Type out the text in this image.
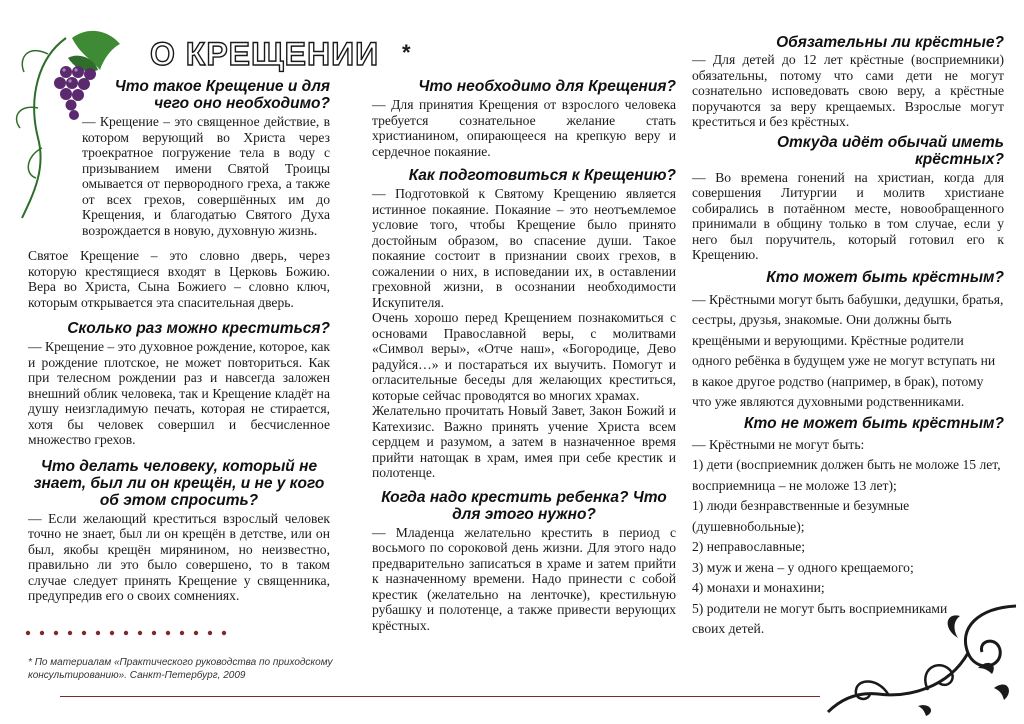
О КРЕЩЕНИИ *
Что такое Крещение и для чего оно необходимо?

— Крещение – это священное действие, в котором верующий во Христа через троекратное погружение тела в воду с призыванием имени Святой Троицы омывается от первородного греха, а также от всех грехов, совершённых им до Крещения, и благодатью Святого Духа возрождается в новую, духовную жизнь.

Святое Крещение – это словно дверь, через которую крестящиеся входят в Церковь Божию. Вера во Христа, Сына Божиего – словно ключ, которым открывается эта спасительная дверь.

Сколько раз можно креститься?

— Крещение – это духовное рождение, которое, как и рождение плотское, не может повториться. Как при телесном рождении раз и навсегда заложен внешний облик человека, так и Крещение кладёт на душу неизгладимую печать, которая не стирается, хотя бы человек совершил и бесчисленное множество грехов.

Что делать человеку, который не знает, был ли он крещён, и не у кого об этом спросить?

— Если желающий креститься взрослый человек точно не знает, был ли он крещён в детстве, или он был, якобы крещён мирянином, но неизвестно, правильно ли это было совершено, то в таком случае следует принять Крещение у священника, предупредив его о своих сомнениях.

Что необходимо для Крещения?

— Для принятия Крещения от взрослого человека требуется сознательное желание стать христианином, опирающееся на крепкую веру и сердечное покаяние.

Как подготовиться к Крещению?

— Подготовкой к Святому Крещению является истинное покаяние. Покаяние – это неотъемлемое условие того, чтобы Крещение было принято достойным образом, во спасение души. Такое покаяние состоит в признании своих грехов, в сожалении о них, в исповедании их, в оставлении греховной жизни, в осознании необходимости Искупителя.

Очень хорошо перед Крещением познакомиться с основами Православной веры, с молитвами «Символ веры», «Отче наш», «Богородице, Дево радуйся…» и постараться их выучить. Помогут и огласительные беседы для желающих креститься, которые сейчас проводятся во многих храмах.

Желательно прочитать Новый Завет, Закон Божий и Катехизис. Важно принять учение Христа всем сердцем и разумом, а затем в назначенное время прийти натощак в храм, имея при себе крестик и полотенце.

Когда надо крестить ребенка? Что для этого нужно?

— Младенца желательно крестить в период с восьмого по сороковой день жизни. Для этого надо предварительно записаться в храме и затем прийти к назначенному времени. Надо принести с собой крестик (желательно на ленточке), крестильную рубашку и полотенце, а также привести верующих крёстных.

Обязательны ли крёстные?

— Для детей до 12 лет крёстные (восприемники) обязательны, потому что сами дети не могут сознательно исповедовать свою веру, а крёстные поручаются за веру крещаемых. Взрослые могут креститься и без крёстных.

Откуда идёт обычай иметь крёстных?

— Во времена гонений на христиан, когда для совершения Литургии и молитв христиане собирались в потаённом месте, новообращенного принимали в общину только в том случае, если у него был поручитель, который готовил его к Крещению.

Кто может быть крёстным?

— Крёстными могут быть бабушки, дедушки, братья, сестры, друзья, знакомые. Они должны быть крещёными и верующими. Крёстные родители одного ребёнка в будущем уже не могут вступать ни в какое другое родство (например, в брак), потому что уже являются духовными родственниками.

Кто не может быть крёстным?

— Крёстными не могут быть:

1) дети (восприемник должен быть не моложе 15 лет, восприемница – не моложе 13 лет);

1) люди безнравственные и безумные (душевнобольные);

2) неправославные;

3) муж и жена – у одного крещаемого;

4) монахи и монахини;

5) родители не могут быть восприемниками своих детей.

* По материалам «Практического руководства по приходскому консультированию». Санкт-Петербург, 2009
